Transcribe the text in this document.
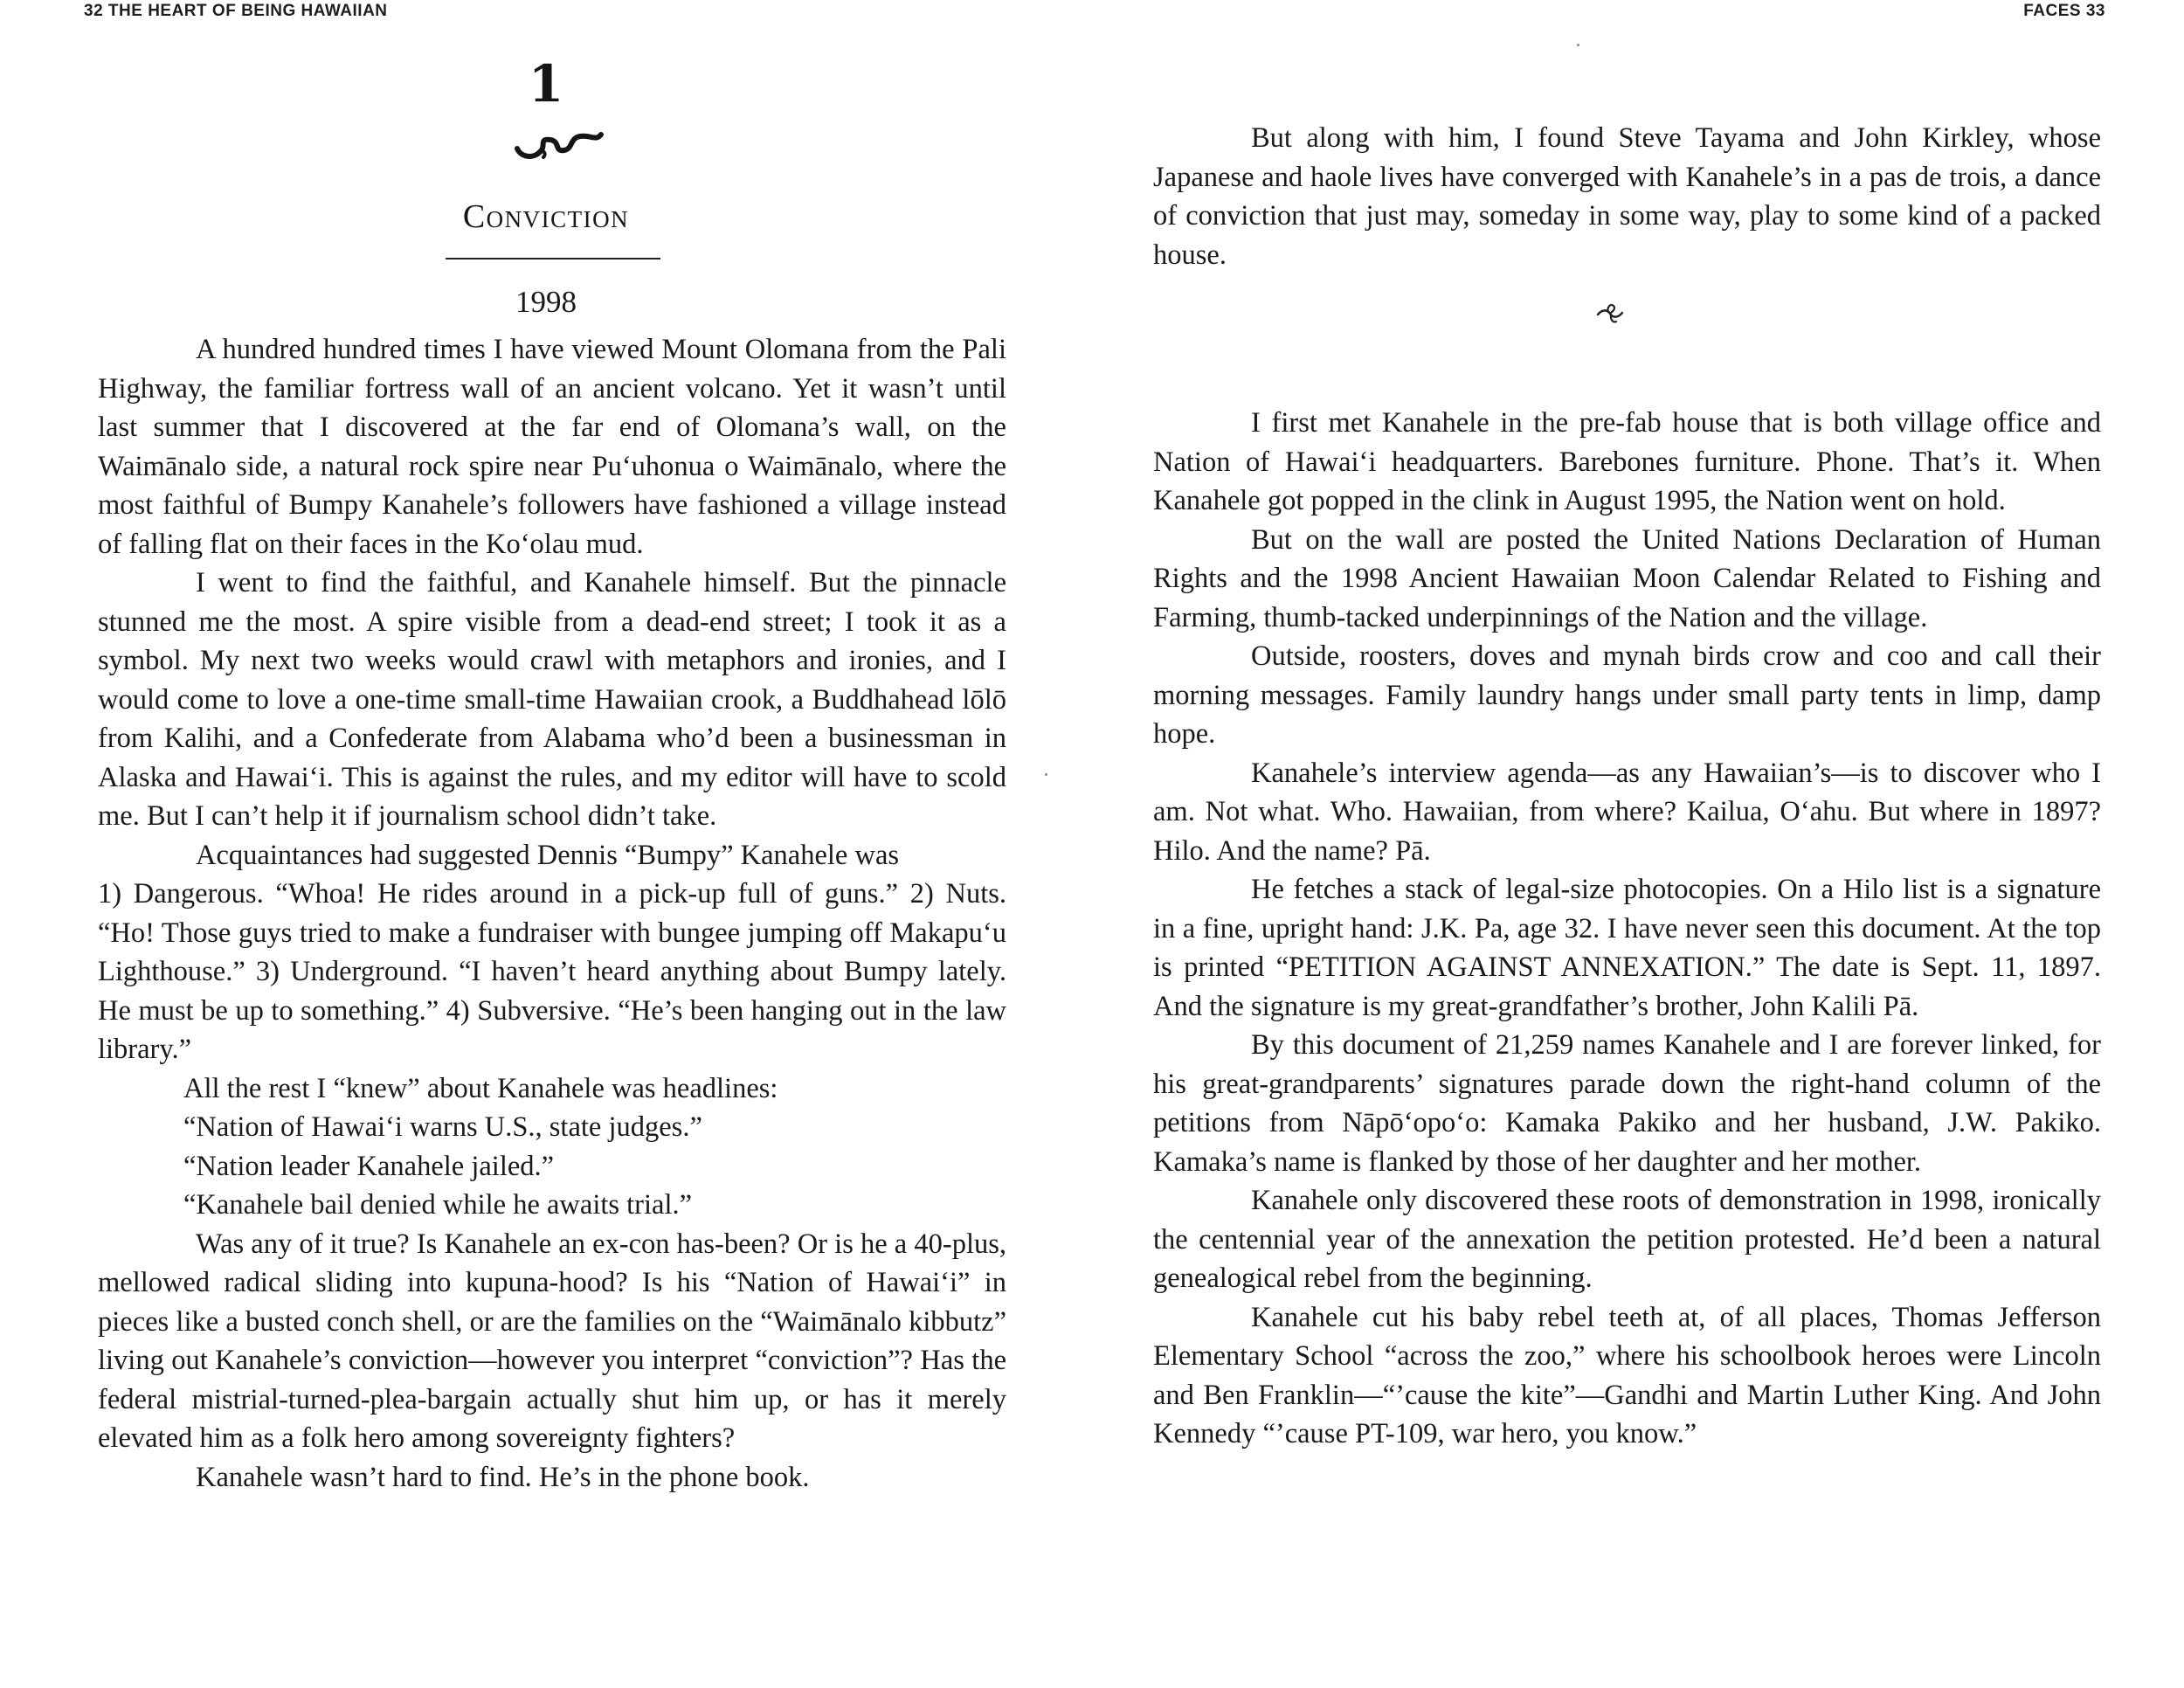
32 THE HEART OF BEING HAWAIIAN
1
Conviction
1998

A hundred hundred times I have viewed Mount Olomana from the Pali Highway, the familiar fortress wall of an ancient volcano. Yet it wasn’t until last summer that I discovered at the far end of Olomana’s wall, on the Waimānalo side, a natural rock spire near Pu‘uhonua o Waimānalo, where the most faithful of Bumpy Kanahele’s followers have fashioned a village instead of falling flat on their faces in the Ko‘olau mud.

I went to find the faithful, and Kanahele himself. But the pinnacle stunned me the most. A spire visible from a dead-end street; I took it as a symbol. My next two weeks would crawl with metaphors and ironies, and I would come to love a one-time small-time Hawaiian crook, a Buddhahead lōlō from Kalihi, and a Confederate from Alabama who’d been a businessman in Alaska and Hawai‘i. This is against the rules, and my editor will have to scold me. But I can’t help it if journalism school didn’t take.

Acquaintances had suggested Dennis “Bumpy” Kanahele was

1) Dangerous. “Whoa! He rides around in a pick-up full of guns.” 2) Nuts. “Ho! Those guys tried to make a fundraiser with bungee jumping off Makapu‘u Lighthouse.” 3) Underground. “I haven’t heard anything about Bumpy lately. He must be up to something.” 4) Subversive. “He’s been hanging out in the law library.”

All the rest I “knew” about Kanahele was headlines:

“Nation of Hawai‘i warns U.S., state judges.”

“Nation leader Kanahele jailed.”

“Kanahele bail denied while he awaits trial.”

Was any of it true? Is Kanahele an ex-con has-been? Or is he a 40-plus, mellowed radical sliding into kupuna-hood? Is his “Nation of Hawai‘i” in pieces like a busted conch shell, or are the families on the “Waimānalo kibbutz” living out Kanahele’s conviction—however you interpret “conviction”? Has the federal mistrial-turned-plea-bargain actually shut him up, or has it merely elevated him as a folk hero among sovereignty fighters?

Kanahele wasn’t hard to find. He’s in the phone book.

FACES 33

But along with him, I found Steve Tayama and John Kirkley, whose Japanese and haole lives have converged with Kanahele’s in a pas de trois, a dance of conviction that just may, someday in some way, play to some kind of a packed house.

I first met Kanahele in the pre-fab house that is both village office and Nation of Hawai‘i headquarters. Barebones furniture. Phone. That’s it. When Kanahele got popped in the clink in August 1995, the Nation went on hold.

But on the wall are posted the United Nations Declaration of Human Rights and the 1998 Ancient Hawaiian Moon Calendar Related to Fishing and Farming, thumb-tacked underpinnings of the Nation and the village.

Outside, roosters, doves and mynah birds crow and coo and call their morning messages. Family laundry hangs under small party tents in limp, damp hope.

Kanahele’s interview agenda—as any Hawaiian’s—is to discover who I am. Not what. Who. Hawaiian, from where? Kailua, O‘ahu. But where in 1897? Hilo. And the name? Pā.

He fetches a stack of legal-size photocopies. On a Hilo list is a signature in a fine, upright hand: J.K. Pa, age 32. I have never seen this document. At the top is printed “PETITION AGAINST ANNEXATION.” The date is Sept. 11, 1897. And the signature is my great-grandfather’s brother, John Kalili Pā.

By this document of 21,259 names Kanahele and I are forever linked, for his great-grandparents’ signatures parade down the right-hand column of the petitions from Nāpō‘opo‘o: Kamaka Pakiko and her husband, J.W. Pakiko. Kamaka’s name is flanked by those of her daughter and her mother.

Kanahele only discovered these roots of demonstration in 1998, ironically the centennial year of the annexation the petition protested. He’d been a natural genealogical rebel from the beginning.

Kanahele cut his baby rebel teeth at, of all places, Thomas Jefferson Elementary School “across the zoo,” where his schoolbook heroes were Lincoln and Ben Franklin—“’cause the kite”—Gandhi and Martin Luther King. And John Kennedy “’cause PT-109, war hero, you know.”
